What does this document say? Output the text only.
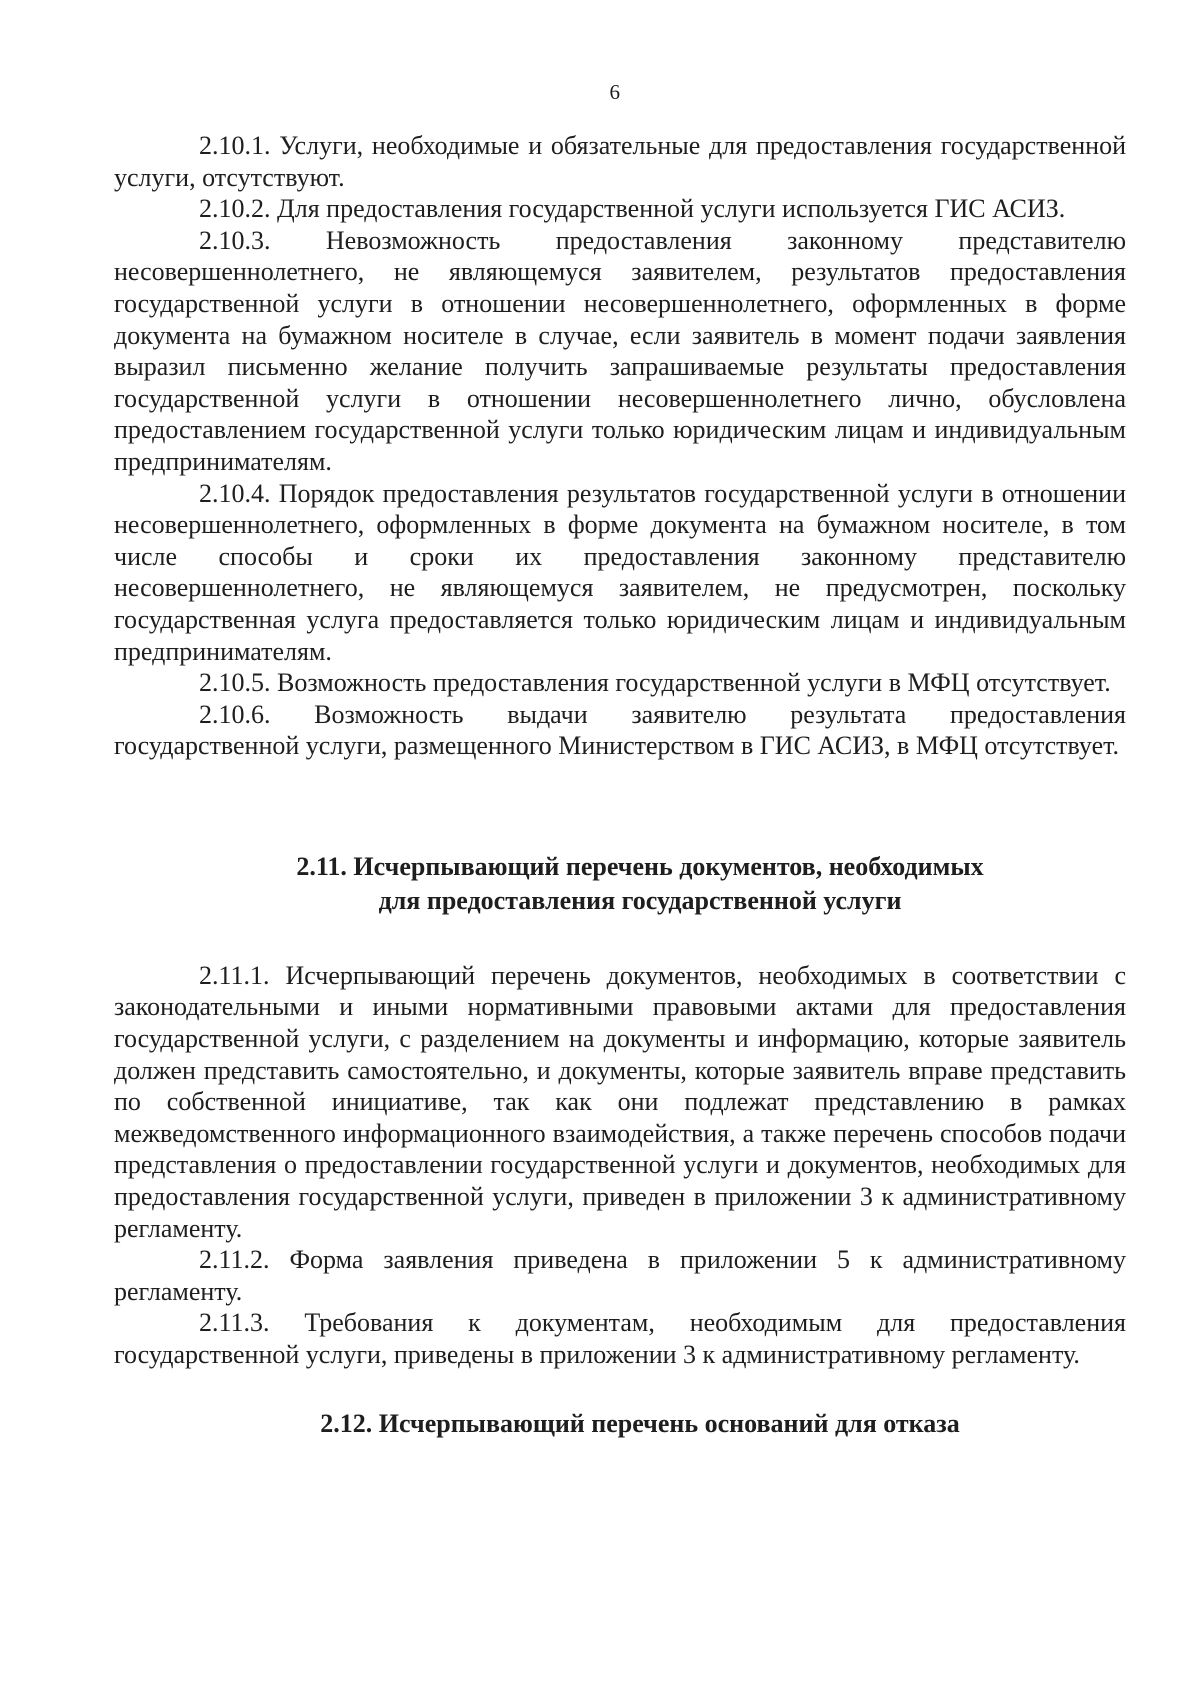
6

2.10.1. Услуги, необходимые и обязательные для предоставления государственной услуги, отсутствуют.

2.10.2. Для предоставления государственной услуги используется ГИС АСИЗ.

2.10.3. Невозможность предоставления законному представителю несовершеннолетнего, не являющемуся заявителем, результатов предоставления государственной услуги в отношении несовершеннолетнего, оформленных в форме документа на бумажном носителе в случае, если заявитель в момент подачи заявления выразил письменно желание получить запрашиваемые результаты предоставления государственной услуги в отношении несовершеннолетнего лично, обусловлена предоставлением государственной услуги только юридическим лицам и индивидуальным предпринимателям.

2.10.4. Порядок предоставления результатов государственной услуги в отношении несовершеннолетнего, оформленных в форме документа на бумажном носителе, в том числе способы и сроки их предоставления законному представителю несовершеннолетнего, не являющемуся заявителем, не предусмотрен, поскольку государственная услуга предоставляется только юридическим лицам и индивидуальным предпринимателям.

2.10.5. Возможность предоставления государственной услуги в МФЦ отсутствует.

2.10.6. Возможность выдачи заявителю результата предоставления государственной услуги, размещенного Министерством в ГИС АСИЗ, в МФЦ отсутствует.

2.11. Исчерпывающий перечень документов, необходимых
для предоставления государственной услуги

2.11.1. Исчерпывающий перечень документов, необходимых в соответствии с законодательными и иными нормативными правовыми актами для предоставления государственной услуги, с разделением на документы и информацию, которые заявитель должен представить самостоятельно, и документы, которые заявитель вправе представить по собственной инициативе, так как они подлежат представлению в рамках межведомственного информационного взаимодействия, а также перечень способов подачи представления о предоставлении государственной услуги и документов, необходимых для предоставления государственной услуги, приведен в приложении 3 к административному регламенту.

2.11.2. Форма заявления приведена в приложении 5 к административному регламенту.

2.11.3. Требования к документам, необходимым для предоставления государственной услуги, приведены в приложении 3 к административному регламенту.

2.12. Исчерпывающий перечень оснований для отказа
